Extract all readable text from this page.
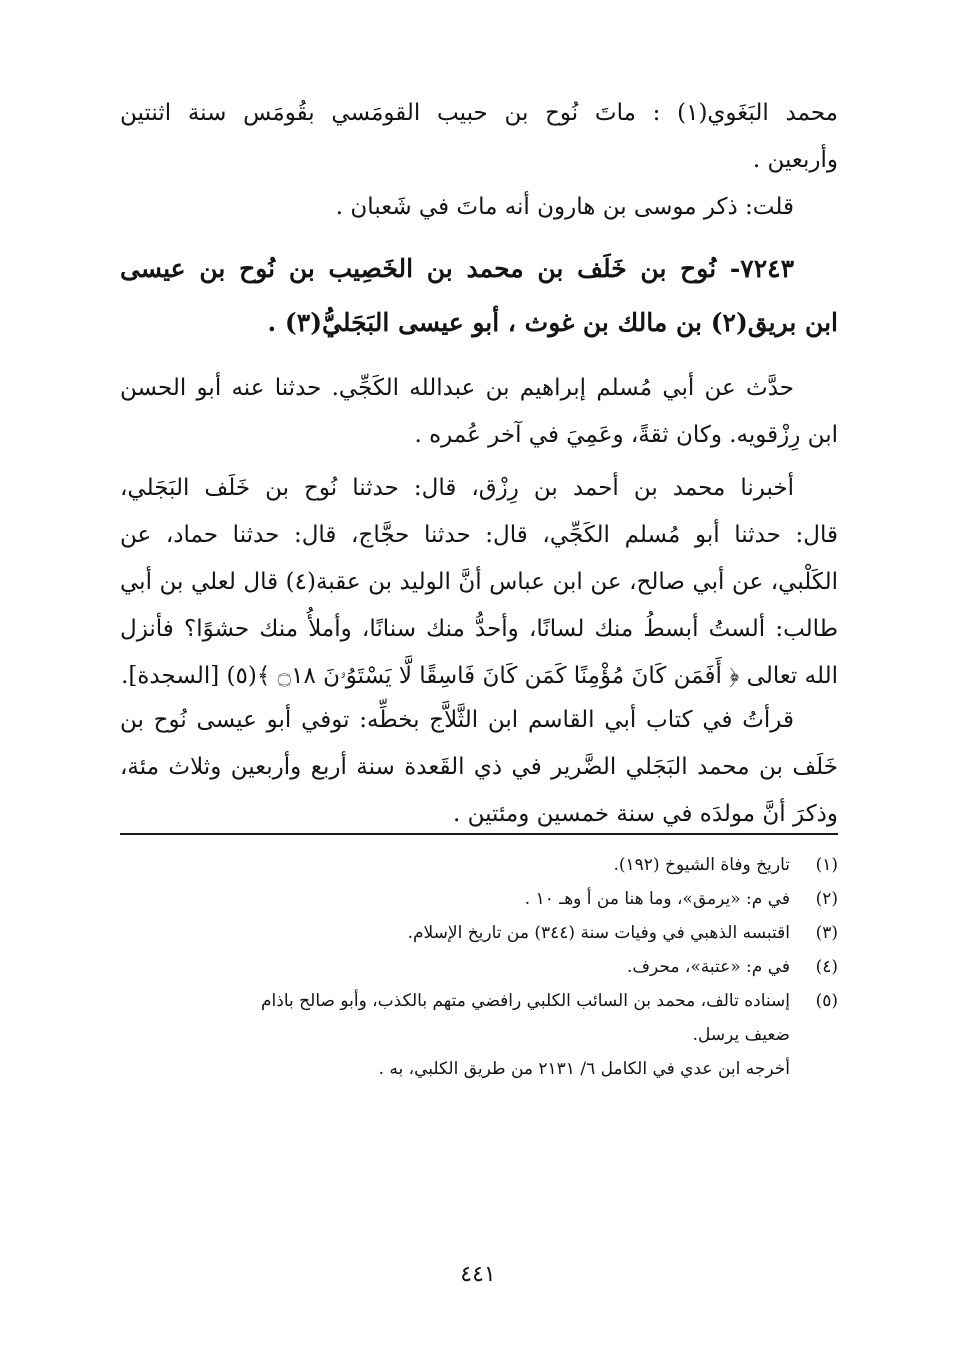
محمد البَغَوي(١) : ماتَ نُوح بن حبيب القومَسي بقُومَس سنة اثنتين
وأربعين .
قلت: ذكر موسى بن هارون أنه ماتَ في شَعبان .
٧٢٤٣- نُوح بن خَلَف بن محمد بن الخَصِيب بن نُوح بن عيسى
ابن بريق(٢) بن مالك بن غوث ، أبو عيسى البَجَليُّ(٣) .
حدَّث عن أبي مُسلم إبراهيم بن عبدالله الكَجِّي. حدثنا عنه أبو الحسن
ابن رِزْقويه. وكان ثقةً، وعَمِيَ في آخر عُمره .
أخبرنا محمد بن أحمد بن رِزْق، قال: حدثنا نُوح بن خَلَف البَجَلي،
قال: حدثنا أبو مُسلم الكَجِّي، قال: حدثنا حجَّاج، قال: حدثنا حماد، عن
الكَلْبي، عن أبي صالح، عن ابن عباس أنَّ الوليد بن عقبة(٤) قال لعلي بن أبي
طالب: ألستُ أبسطُ منك لسانًا، وأحدُّ منك سنانًا، وأملأُ منك حشوًا؟ فأنزل
الله تعالى ﴿ أَفَمَن كَانَ مُؤْمِنًا كَمَن كَانَ فَاسِقًا لَّا يَسْتَوُۥنَ ۝١٨ ﴾(٥) [السجدة].
قرأتُ في كتاب أبي القاسم ابن الثَّلاَّج بخطِّه: توفي أبو عيسى نُوح بن
خَلَف بن محمد البَجَلي الضَّرير في ذي القَعدة سنة أربع وأربعين وثلاث مئة،
وذكرَ أنَّ مولدَه في سنة خمسين ومئتين .
(١)
تاريخ وفاة الشيوخ (١٩٢).
(٢)
في م: «يرمق»، وما هنا من أ وهـ ١٠ .
(٣)
اقتبسه الذهبي في وفيات سنة (٣٤٤) من تاريخ الإسلام.
(٤)
في م: «عتبة»، محرف.
(٥)
إسناده تالف، محمد بن السائب الكلبي رافضي متهم بالكذب، وأبو صالح باذام
ضعيف يرسل.
أخرجه ابن عدي في الكامل ٦/ ٢١٣١ من طريق الكلبي، به .
٤٤١
